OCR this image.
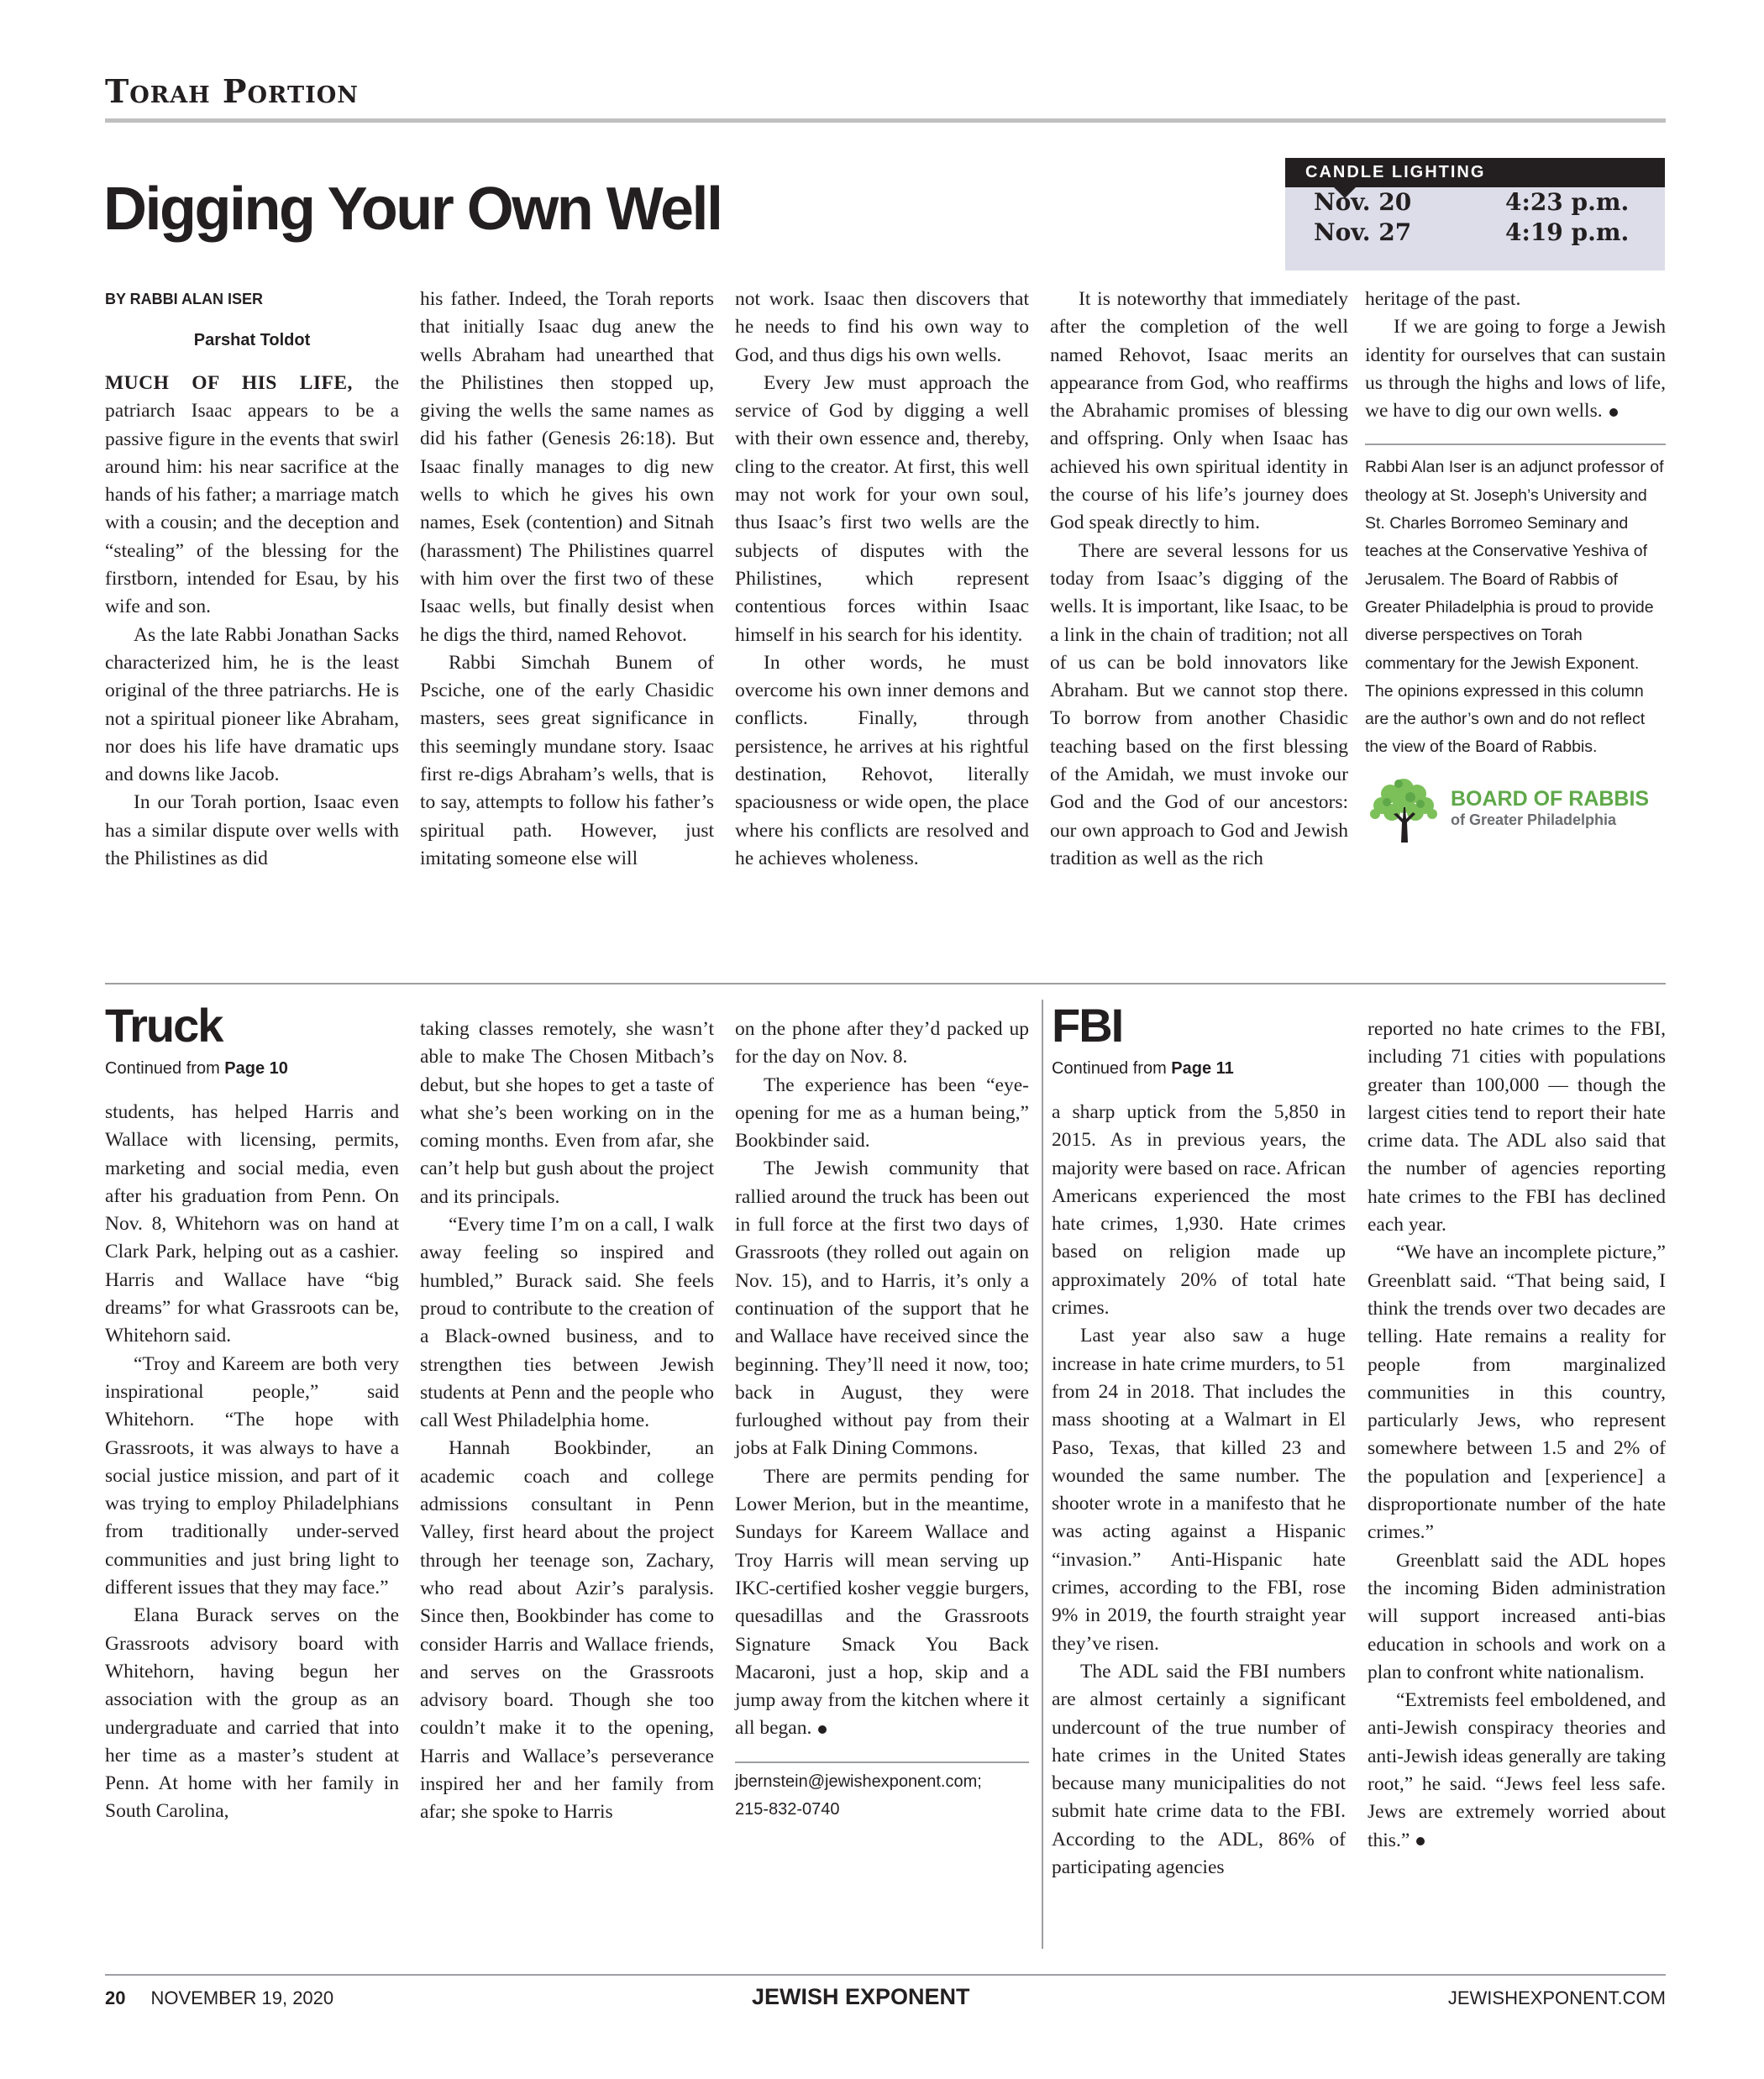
Torah Portion
Digging Your Own Well
CANDLE LIGHTING
Nov. 20	4:23 p.m.
Nov. 27	4:19 p.m.
BY RABBI ALAN ISER
Parshat Toldot

MUCH OF HIS LIFE, the patriarch Isaac appears to be a passive figure in the events that swirl around him: his near sacrifice at the hands of his father; a marriage match with a cousin; and the deception and “stealing” of the blessing for the firstborn, intended for Esau, by his wife and son.

As the late Rabbi Jonathan Sacks characterized him, he is the least original of the three patriarchs. He is not a spiritual pioneer like Abraham, nor does his life have dramatic ups and downs like Jacob.

In our Torah portion, Isaac even has a similar dispute over wells with the Philistines as did

his father. Indeed, the Torah reports that initially Isaac dug anew the wells Abraham had unearthed that the Philistines then stopped up, giving the wells the same names as did his father (Genesis 26:18). But Isaac finally manages to dig new wells to which he gives his own names, Esek (contention) and Sitnah (harassment) The Philistines quarrel with him over the first two of these Isaac wells, but finally desist when he digs the third, named Rehovot.

Rabbi Simchah Bunem of Psciche, one of the early Chasidic masters, sees great significance in this seemingly mundane story. Isaac first re-digs Abraham’s wells, that is to say, attempts to follow his father’s spiritual path. However, just imitating someone else will

not work. Isaac then discovers that he needs to find his own way to God, and thus digs his own wells.

Every Jew must approach the service of God by digging a well with their own essence and, thereby, cling to the creator. At first, this well may not work for your own soul, thus Isaac’s first two wells are the subjects of disputes with the Philistines, which represent contentious forces within Isaac himself in his search for his identity.

In other words, he must overcome his own inner demons and conflicts. Finally, through persistence, he arrives at his rightful destination, Rehovot, literally spaciousness or wide open, the place where his conflicts are resolved and he achieves wholeness.

It is noteworthy that immediately after the completion of the well named Rehovot, Isaac merits an appearance from God, who reaffirms the Abrahamic promises of blessing and offspring. Only when Isaac has achieved his own spiritual identity in the course of his life’s journey does God speak directly to him.

There are several lessons for us today from Isaac’s digging of the wells. It is important, like Isaac, to be a link in the chain of tradition; not all of us can be bold innovators like Abraham. But we cannot stop there. To borrow from another Chasidic teaching based on the first blessing of the Amidah, we must invoke our God and the God of our ancestors: our own approach to God and Jewish tradition as well as the rich

heritage of the past.

If we are going to forge a Jewish identity for ourselves that can sustain us through the highs and lows of life, we have to dig our own wells.

Rabbi Alan Iser is an adjunct professor of theology at St. Joseph’s University and St. Charles Borromeo Seminary and teaches at the Conservative Yeshiva of Jerusalem. The Board of Rabbis of Greater Philadelphia is proud to provide diverse perspectives on Torah commentary for the Jewish Exponent. The opinions expressed in this column are the author’s own and do not reflect the view of the Board of Rabbis.
BOARD OF RABBIS
of Greater Philadelphia
Truck
Continued from Page 10

students, has helped Harris and Wallace with licensing, permits, marketing and social media, even after his graduation from Penn. On Nov. 8, Whitehorn was on hand at Clark Park, helping out as a cashier. Harris and Wallace have “big dreams” for what Grassroots can be, Whitehorn said.

“Troy and Kareem are both very inspirational people,” said Whitehorn. “The hope with Grassroots, it was always to have a social justice mission, and part of it was trying to employ Philadelphians from traditionally under-served communities and just bring light to different issues that they may face.”

Elana Burack serves on the Grassroots advisory board with Whitehorn, having begun her association with the group as an undergraduate and carried that into her time as a master’s student at Penn. At home with her family in South Carolina,

taking classes remotely, she wasn’t able to make The Chosen Mitbach’s debut, but she hopes to get a taste of what she’s been working on in the coming months. Even from afar, she can’t help but gush about the project and its principals.

“Every time I’m on a call, I walk away feeling so inspired and humbled,” Burack said. She feels proud to contribute to the creation of a Black-owned business, and to strengthen ties between Jewish students at Penn and the people who call West Philadelphia home.

Hannah Bookbinder, an academic coach and college admissions consultant in Penn Valley, first heard about the project through her teenage son, Zachary, who read about Azir’s paralysis. Since then, Bookbinder has come to consider Harris and Wallace friends, and serves on the Grassroots advisory board. Though she too couldn’t make it to the opening, Harris and Wallace’s perseverance inspired her and her family from afar; she spoke to Harris

on the phone after they’d packed up for the day on Nov. 8.

The experience has been “eye-opening for me as a human being,” Bookbinder said.

The Jewish community that rallied around the truck has been out in full force at the first two days of Grassroots (they rolled out again on Nov. 15), and to Harris, it’s only a continuation of the support that he and Wallace have received since the beginning. They’ll need it now, too; back in August, they were furloughed without pay from their jobs at Falk Dining Commons.

There are permits pending for Lower Merion, but in the meantime, Sundays for Kareem Wallace and Troy Harris will mean serving up IKC-certified kosher veggie burgers, quesadillas and the Grassroots Signature Smack You Back Macaroni, just a hop, skip and a jump away from the kitchen where it all began.

jbernstein@jewishexponent.com;
215-832-0740
FBI
Continued from Page 11

a sharp uptick from the 5,850 in 2015. As in previous years, the majority were based on race. African Americans experienced the most hate crimes, 1,930. Hate crimes based on religion made up approximately 20% of total hate crimes.

Last year also saw a huge increase in hate crime murders, to 51 from 24 in 2018. That includes the mass shooting at a Walmart in El Paso, Texas, that killed 23 and wounded the same number. The shooter wrote in a manifesto that he was acting against a Hispanic “invasion.” Anti-Hispanic hate crimes, according to the FBI, rose 9% in 2019, the fourth straight year they’ve risen.

The ADL said the FBI numbers are almost certainly a significant undercount of the true number of hate crimes in the United States because many municipalities do not submit hate crime data to the FBI. According to the ADL, 86% of participating agencies

reported no hate crimes to the FBI, including 71 cities with populations greater than 100,000 — though the largest cities tend to report their hate crime data. The ADL also said that the number of agencies reporting hate crimes to the FBI has declined each year.

“We have an incomplete picture,” Greenblatt said. “That being said, I think the trends over two decades are telling. Hate remains a reality for people from marginalized communities in this country, particularly Jews, who represent somewhere between 1.5 and 2% of the population and [experience] a disproportionate number of the hate crimes.”

Greenblatt said the ADL hopes the incoming Biden administration will support increased anti-bias education in schools and work on a plan to confront white nationalism.

“Extremists feel emboldened, and anti-Jewish conspiracy theories and anti-Jewish ideas generally are taking root,” he said. “Jews feel less safe. Jews are extremely worried about this.”

20 NOVEMBER 19, 2020	JEWISH EXPONENT	JEWISHEXPONENT.COM
